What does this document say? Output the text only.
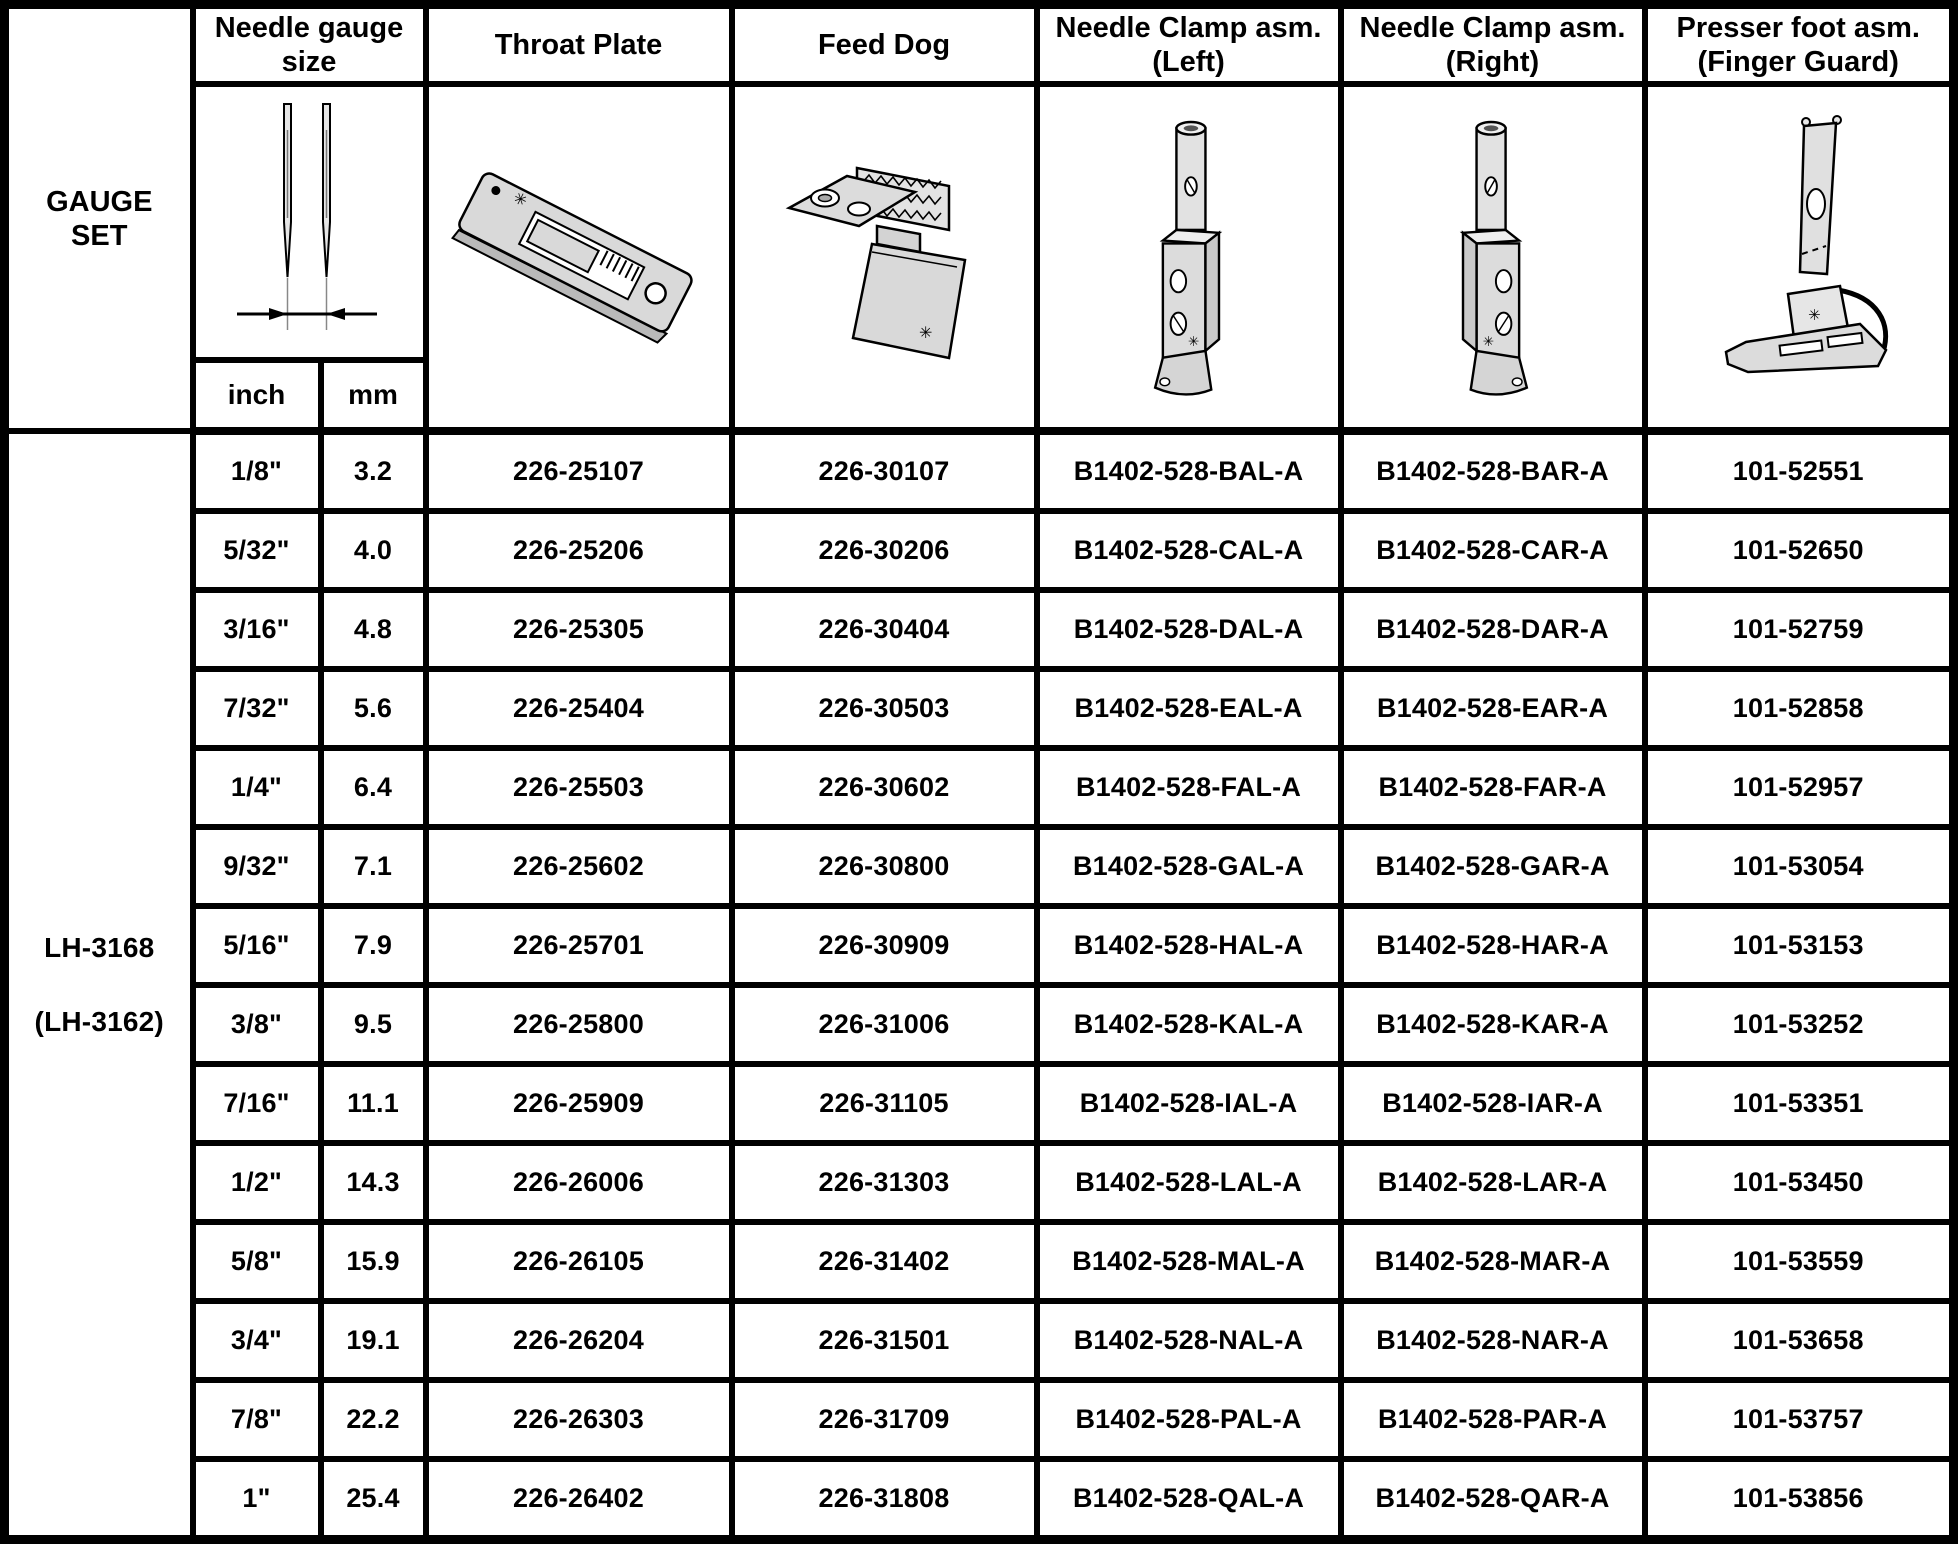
GAUGE SET	Needle gauge size		Throat Plate	Feed Dog	Needle Clamp asm. (Left)	Needle Clamp asm. (Right)	Presser foot asm. (Finger Guard)

✳	✳	✳	✳	✳

	inch	mm					

LH-3168
(LH-3162)	1/8"	3.2	226-25107	226-30107	B1402-528-BAL-A	B1402-528-BAR-A	101-52551
	5/32"	4.0	226-25206	226-30206	B1402-528-CAL-A	B1402-528-CAR-A	101-52650
	3/16"	4.8	226-25305	226-30404	B1402-528-DAL-A	B1402-528-DAR-A	101-52759
	7/32"	5.6	226-25404	226-30503	B1402-528-EAL-A	B1402-528-EAR-A	101-52858
	1/4"	6.4	226-25503	226-30602	B1402-528-FAL-A	B1402-528-FAR-A	101-52957
	9/32"	7.1	226-25602	226-30800	B1402-528-GAL-A	B1402-528-GAR-A	101-53054
	5/16"	7.9	226-25701	226-30909	B1402-528-HAL-A	B1402-528-HAR-A	101-53153
	3/8"	9.5	226-25800	226-31006	B1402-528-KAL-A	B1402-528-KAR-A	101-53252
	7/16"	11.1	226-25909	226-31105	B1402-528-IAL-A	B1402-528-IAR-A	101-53351
	1/2"	14.3	226-26006	226-31303	B1402-528-LAL-A	B1402-528-LAR-A	101-53450
	5/8"	15.9	226-26105	226-31402	B1402-528-MAL-A	B1402-528-MAR-A	101-53559
	3/4"	19.1	226-26204	226-31501	B1402-528-NAL-A	B1402-528-NAR-A	101-53658
	7/8"	22.2	226-26303	226-31709	B1402-528-PAL-A	B1402-528-PAR-A	101-53757
	1"	25.4	226-26402	226-31808	B1402-528-QAL-A	B1402-528-QAR-A	101-53856
